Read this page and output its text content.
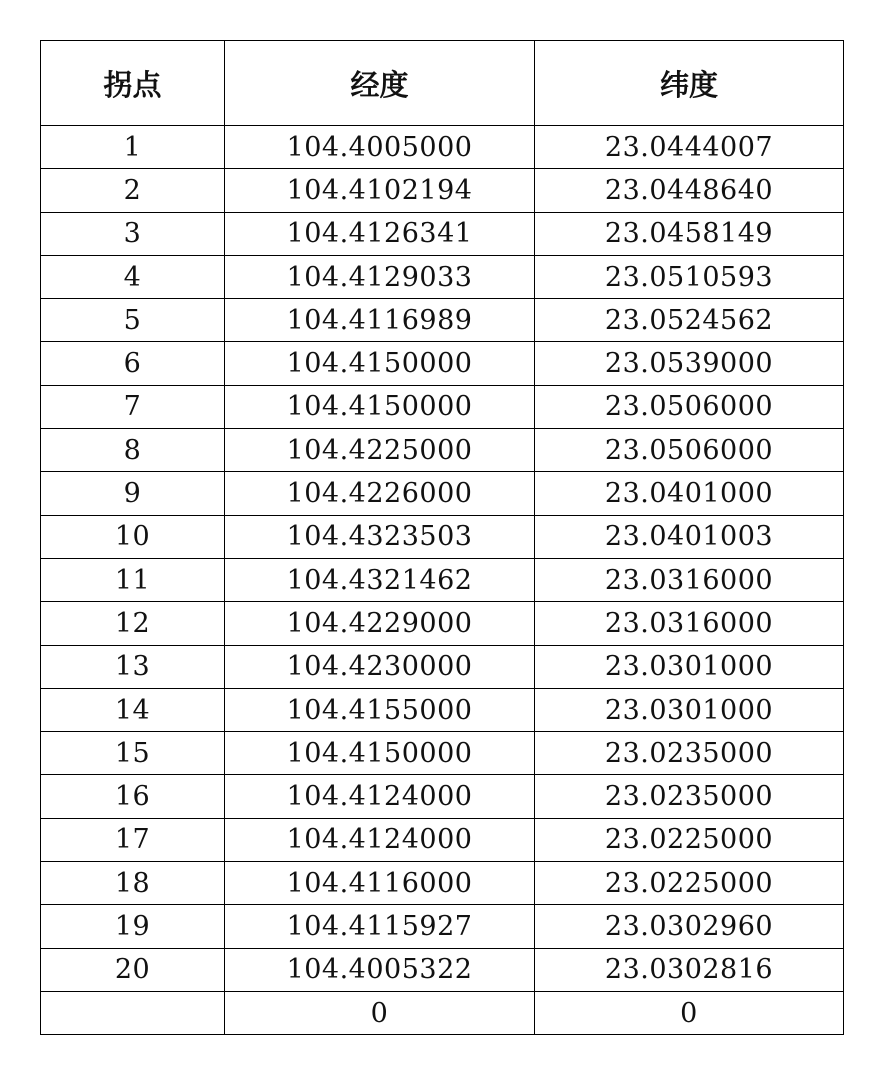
拐点	经度	纬度
1	104.4005000	23.0444007
2	104.4102194	23.0448640
3	104.4126341	23.0458149
4	104.4129033	23.0510593
5	104.4116989	23.0524562
6	104.4150000	23.0539000
7	104.4150000	23.0506000
8	104.4225000	23.0506000
9	104.4226000	23.0401000
10	104.4323503	23.0401003
11	104.4321462	23.0316000
12	104.4229000	23.0316000
13	104.4230000	23.0301000
14	104.4155000	23.0301000
15	104.4150000	23.0235000
16	104.4124000	23.0235000
17	104.4124000	23.0225000
18	104.4116000	23.0225000
19	104.4115927	23.0302960
20	104.4005322	23.0302816
	0	0
